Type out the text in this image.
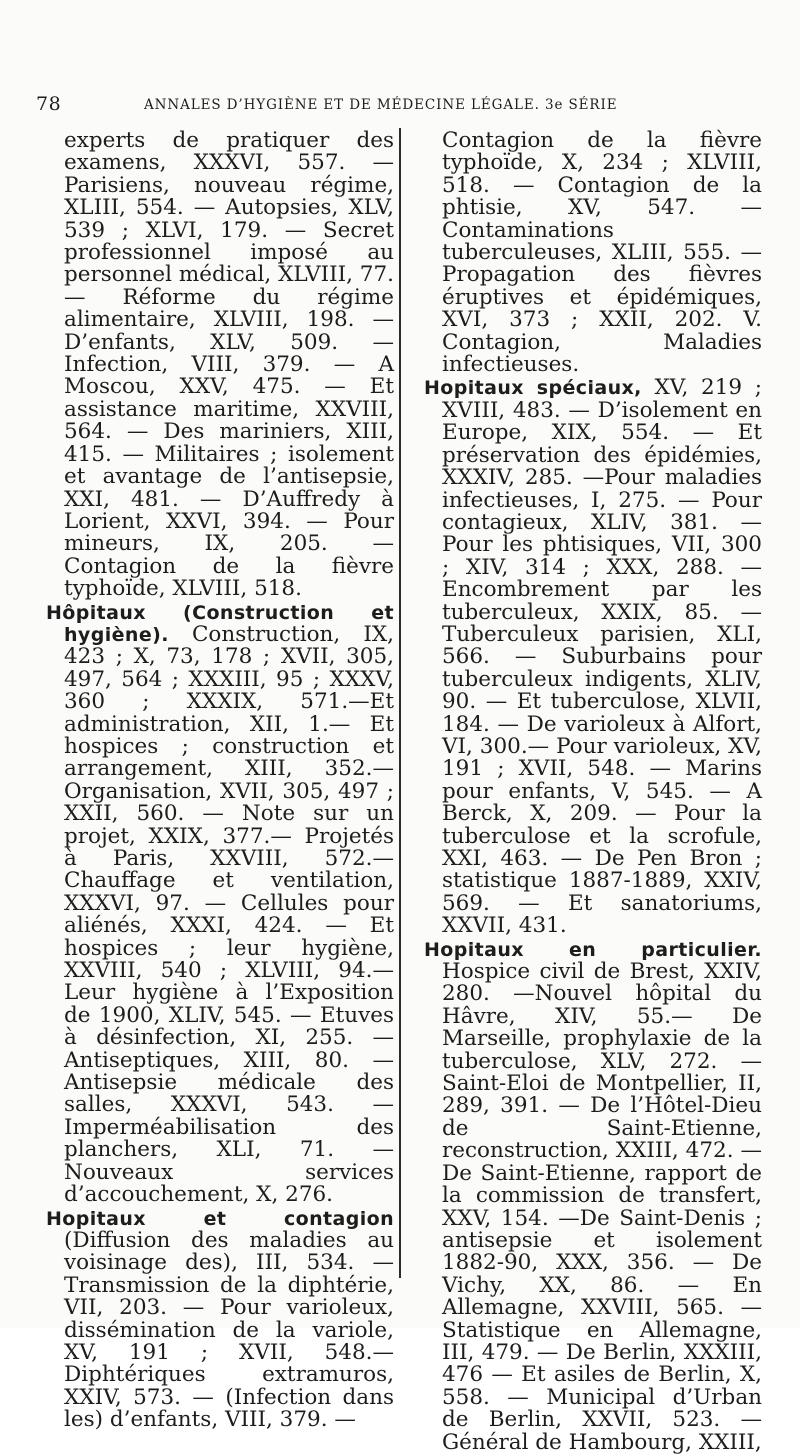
78	ANNALES D’HYGIÈNE ET DE MÉDECINE LÉGALE. 3e SÉRIE

experts de pratiquer des examens, XXXVI, 557. — Parisiens, nouveau régime, XLIII, 554. — Autopsies, XLV, 539 ; XLVI, 179. — Secret professionnel imposé au personnel médical, XLVIII, 77. — Réforme du régime alimentaire, XLVIII, 198. — D’enfants, XLV, 509. — Infection, VIII, 379. — A Moscou, XXV, 475. — Et assistance maritime, XXVIII, 564. — Des mariniers, XIII, 415. — Militaires ; isolement et avantage de l’antisepsie, XXI, 481. — D’Auffredy à Lorient, XXVI, 394. — Pour mineurs, IX, 205. — Contagion de la fièvre typhoïde, XLVIII, 518.

Hôpitaux (Construction et hygiène). Construction, IX, 423 ; X, 73, 178 ; XVII, 305, 497, 564 ; XXXIII, 95 ; XXXV, 360 ; XXXIX, 571.—Et administration, XII, 1.— Et hospices ; construction et arrangement, XIII, 352.— Organisation, XVII, 305, 497 ; XXII, 560. — Note sur un projet, XXIX, 377.— Projetés à Paris, XXVIII, 572.— Chauffage et ventilation, XXXVI, 97. — Cellules pour aliénés, XXXI, 424. — Et hospices ; leur hygiène, XXVIII, 540 ; XLVIII, 94.— Leur hygiène à l’Exposition de 1900, XLIV, 545. — Etuves à désinfection, XI, 255. — Antiseptiques, XIII, 80. — Antisepsie médicale des salles, XXXVI, 543. — Imperméabilisation des planchers, XLI, 71. — Nouveaux services d’accouchement, X, 276.

Hopitaux et contagion (Diffusion des maladies au voisinage des), III, 534. — Transmission de la diphtérie, VII, 203. — Pour varioleux, dissémination de la variole, XV, 191 ; XVII, 548.— Diphtériques extramuros, XXIV, 573. — (Infection dans les) d’enfants, VIII, 379. —

Contagion de la fièvre typhoïde, X, 234 ; XLVIII, 518. — Contagion de la phtisie, XV, 547. — Contaminations tuberculeuses, XLIII, 555. — Propagation des fièvres éruptives et épidémiques, XVI, 373 ; XXII, 202. V. Contagion, Maladies infectieuses.

Hopitaux spéciaux, XV, 219 ; XVIII, 483. — D’isolement en Europe, XIX, 554. — Et préservation des épidémies, XXXIV, 285. —Pour maladies infectieuses, I, 275. — Pour contagieux, XLIV, 381. — Pour les phtisiques, VII, 300 ; XIV, 314 ; XXX, 288. — Encombrement par les tuberculeux, XXIX, 85. — Tuberculeux parisien, XLI, 566. — Suburbains pour tuberculeux indigents, XLIV, 90. — Et tuberculose, XLVII, 184. — De varioleux à Alfort, VI, 300.— Pour varioleux, XV, 191 ; XVII, 548. — Marins pour enfants, V, 545. — A Berck, X, 209. — Pour la tuberculose et la scrofule, XXI, 463. — De Pen Bron ; statistique 1887-1889, XXIV, 569. — Et sanatoriums, XXVII, 431.

Hopitaux en particulier. Hospice civil de Brest, XXIV, 280. —Nouvel hôpital du Hâvre, XIV, 55.— De Marseille, prophylaxie de la tuberculose, XLV, 272. — Saint-Eloi de Montpellier, II, 289, 391. — De l’Hôtel-Dieu de Saint-Etienne, reconstruction, XXIII, 472. — De Saint-Etienne, rapport de la commission de transfert, XXV, 154. —De Saint-Denis ; antisepsie et isolement 1882-90, XXX, 356. — De Vichy, XX, 86. — En Allemagne, XXVIII, 565. — Statistique en Allemagne, III, 479. — De Berlin, XXXIII, 476 — Et asiles de Berlin, X, 558. — Municipal d’Urban de Berlin, XXVII, 523. — Général de Hambourg, XXIII,
